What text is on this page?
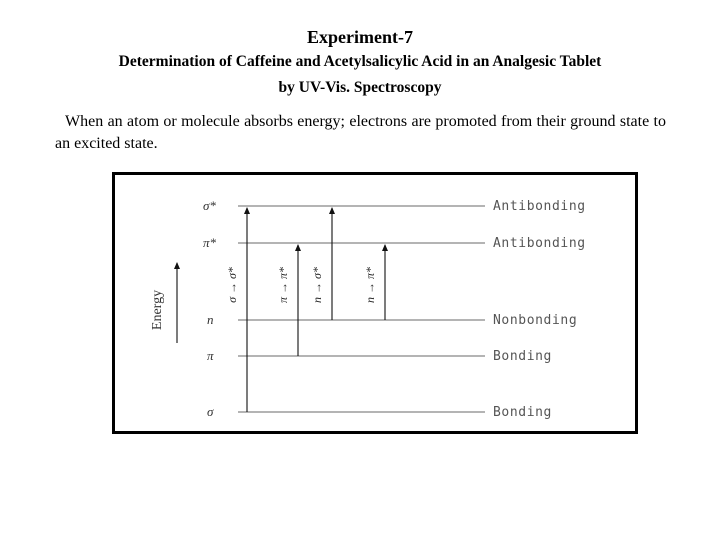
Experiment-7
Determination of Caffeine and Acetylsalicylic Acid in an Analgesic Tablet
by UV-Vis. Spectroscopy

When an atom or molecule absorbs energy; electrons are promoted from their ground state to an excited state.

Energy
σ*
π*
n
π
σ
Antibonding
Antibonding
Nonbonding
Bonding
Bonding
σ → σ*	π → π* n → σ*	n → π*
